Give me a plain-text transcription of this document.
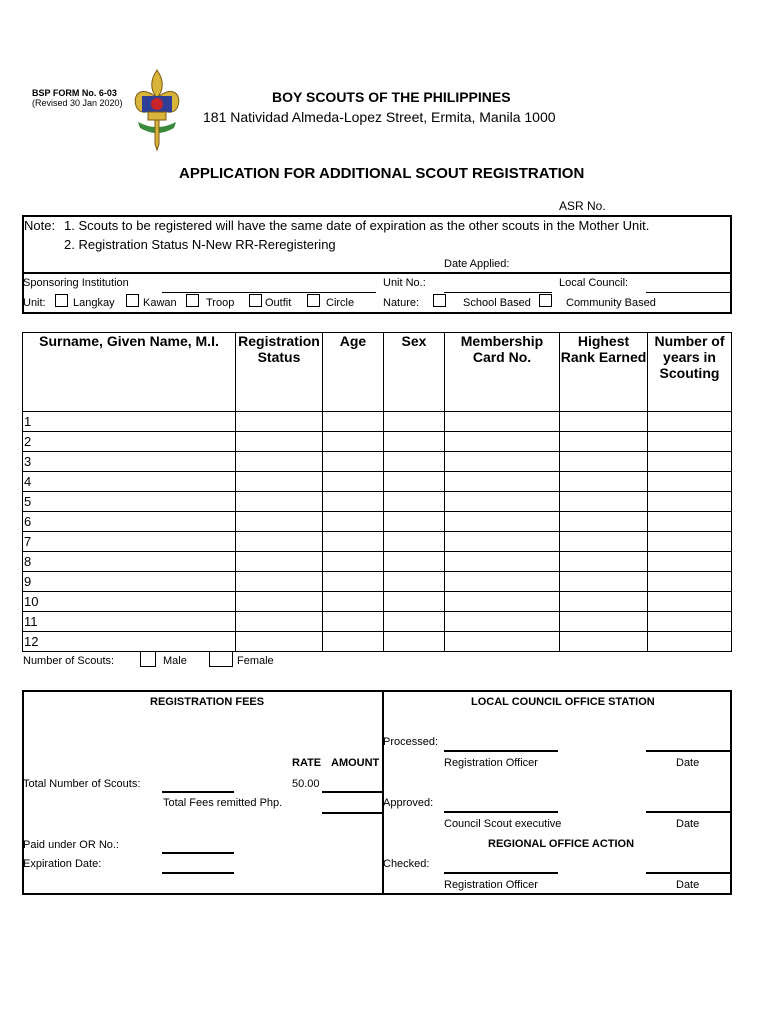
BSP FORM No. 6-03
(Revised 30 Jan 2020)	BOY SCOUTS OF THE PHILIPPINES
181 Natividad Almeda-Lopez Street, Ermita, Manila 1000
APPLICATION FOR ADDITIONAL SCOUT REGISTRATION
ASR No.
Note: 1. Scouts to be registered will have the same date of expiration as the other scouts in the Mother Unit.
2. Registration Status N-New RR-Reregistering
Date Applied:
Sponsoring Institution	Unit No.:	Local Council:
Unit: Langkay	Kawan	Troop	Outfit	Circle	Nature:	School Based	Community Based
Surname, Given Name, M.I.	Registration Status	Age	Sex	Membership Card No.	Highest Rank Earned	Number of years in Scouting
1						
2						
3						
4						
5						
6						
7						
8						
9						
10						
11						
12						
Number of Scouts:	Male	Female
REGISTRATION FEES
RATE AMOUNT
Total Number of Scouts:	50.00
Total Fees remitted Php.
Paid under OR No.:
Expiration Date:
LOCAL COUNCIL OFFICE STATION
Processed:
Registration Officer	Date
Approved:
Council Scout executive	Date
REGIONAL OFFICE ACTION
Checked:
Registration Officer	Date
